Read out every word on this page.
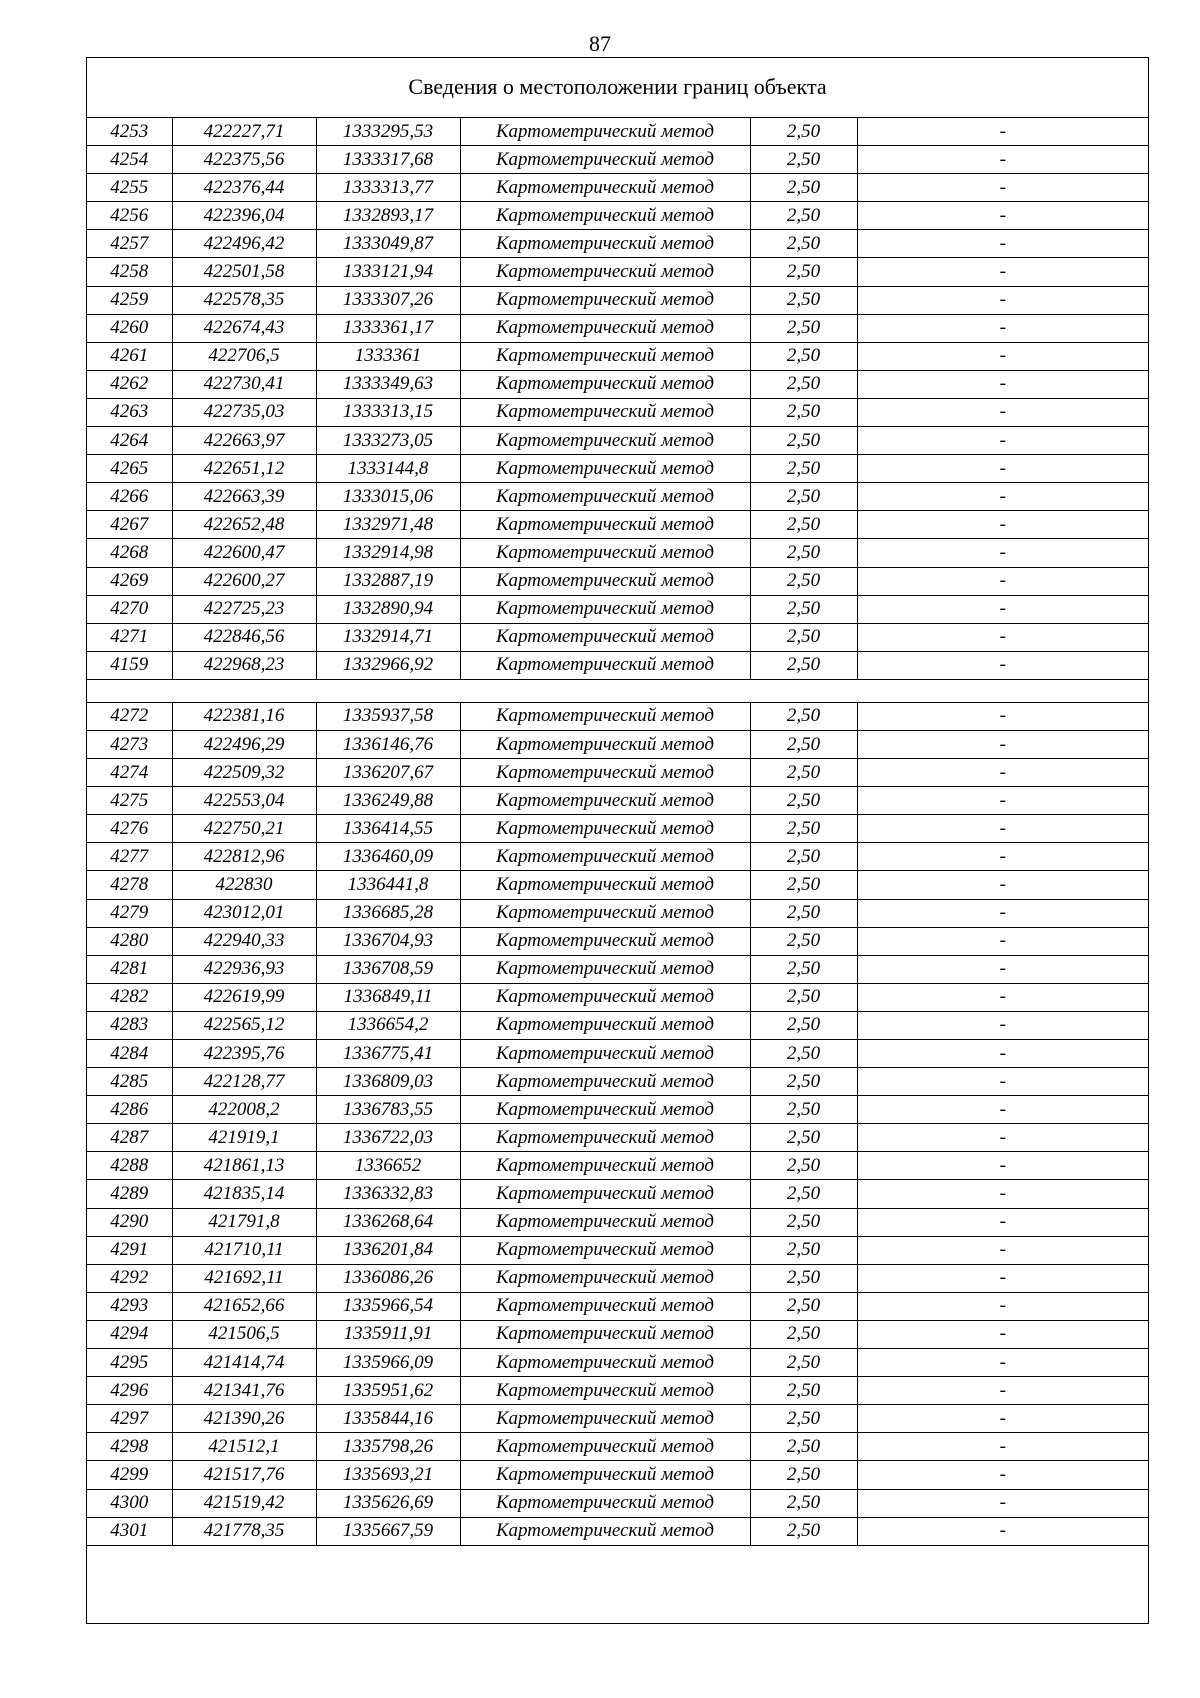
87
Сведения о местоположении границ объекта
4253	422227,71	1333295,53	Картометрический метод	2,50	-
4254	422375,56	1333317,68	Картометрический метод	2,50	-
4255	422376,44	1333313,77	Картометрический метод	2,50	-
4256	422396,04	1332893,17	Картометрический метод	2,50	-
4257	422496,42	1333049,87	Картометрический метод	2,50	-
4258	422501,58	1333121,94	Картометрический метод	2,50	-
4259	422578,35	1333307,26	Картометрический метод	2,50	-
4260	422674,43	1333361,17	Картометрический метод	2,50	-
4261	422706,5	1333361	Картометрический метод	2,50	-
4262	422730,41	1333349,63	Картометрический метод	2,50	-
4263	422735,03	1333313,15	Картометрический метод	2,50	-
4264	422663,97	1333273,05	Картометрический метод	2,50	-
4265	422651,12	1333144,8	Картометрический метод	2,50	-
4266	422663,39	1333015,06	Картометрический метод	2,50	-
4267	422652,48	1332971,48	Картометрический метод	2,50	-
4268	422600,47	1332914,98	Картометрический метод	2,50	-
4269	422600,27	1332887,19	Картометрический метод	2,50	-
4270	422725,23	1332890,94	Картометрический метод	2,50	-
4271	422846,56	1332914,71	Картометрический метод	2,50	-
4159	422968,23	1332966,92	Картометрический метод	2,50	-

4272	422381,16	1335937,58	Картометрический метод	2,50	-
4273	422496,29	1336146,76	Картометрический метод	2,50	-
4274	422509,32	1336207,67	Картометрический метод	2,50	-
4275	422553,04	1336249,88	Картометрический метод	2,50	-
4276	422750,21	1336414,55	Картометрический метод	2,50	-
4277	422812,96	1336460,09	Картометрический метод	2,50	-
4278	422830	1336441,8	Картометрический метод	2,50	-
4279	423012,01	1336685,28	Картометрический метод	2,50	-
4280	422940,33	1336704,93	Картометрический метод	2,50	-
4281	422936,93	1336708,59	Картометрический метод	2,50	-
4282	422619,99	1336849,11	Картометрический метод	2,50	-
4283	422565,12	1336654,2	Картометрический метод	2,50	-
4284	422395,76	1336775,41	Картометрический метод	2,50	-
4285	422128,77	1336809,03	Картометрический метод	2,50	-
4286	422008,2	1336783,55	Картометрический метод	2,50	-
4287	421919,1	1336722,03	Картометрический метод	2,50	-
4288	421861,13	1336652	Картометрический метод	2,50	-
4289	421835,14	1336332,83	Картометрический метод	2,50	-
4290	421791,8	1336268,64	Картометрический метод	2,50	-
4291	421710,11	1336201,84	Картометрический метод	2,50	-
4292	421692,11	1336086,26	Картометрический метод	2,50	-
4293	421652,66	1335966,54	Картометрический метод	2,50	-
4294	421506,5	1335911,91	Картометрический метод	2,50	-
4295	421414,74	1335966,09	Картометрический метод	2,50	-
4296	421341,76	1335951,62	Картометрический метод	2,50	-
4297	421390,26	1335844,16	Картометрический метод	2,50	-
4298	421512,1	1335798,26	Картометрический метод	2,50	-
4299	421517,76	1335693,21	Картометрический метод	2,50	-
4300	421519,42	1335626,69	Картометрический метод	2,50	-
4301	421778,35	1335667,59	Картометрический метод	2,50	-
